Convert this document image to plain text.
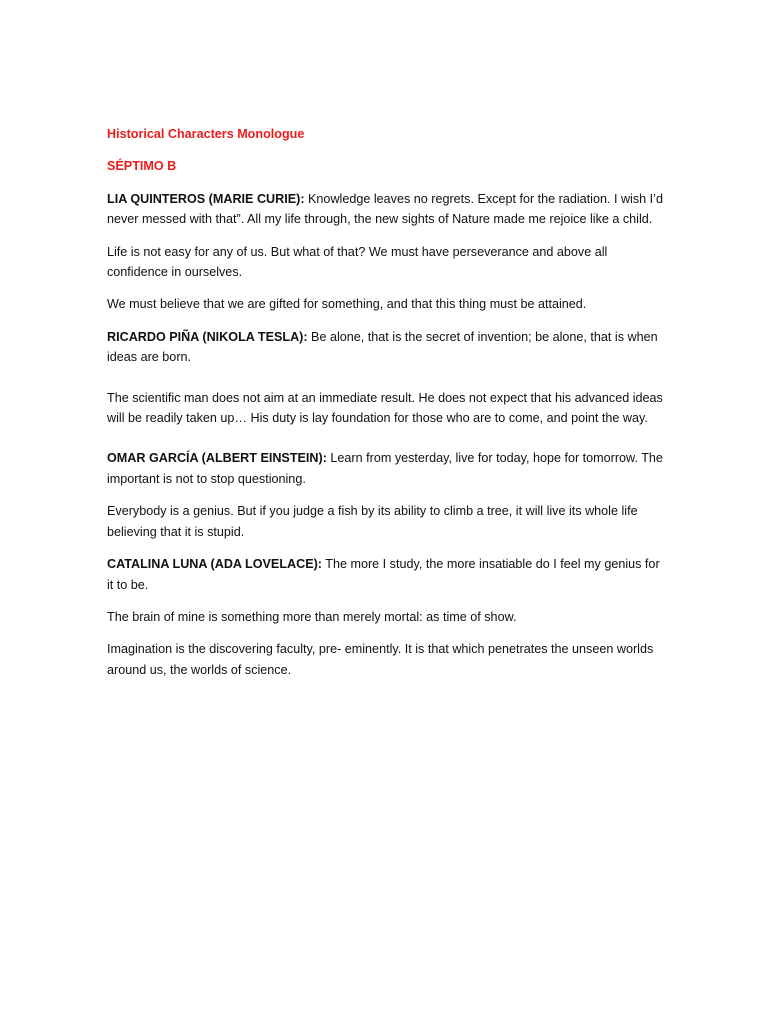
Historical Characters Monologue

SÉPTIMO B

LIA QUINTEROS (MARIE CURIE): Knowledge leaves no regrets. Except for the radiation. I wish I’d never messed with that”. All my life through, the new sights of Nature made me rejoice like a child.

Life is not easy for any of us. But what of that? We must have perseverance and above all confidence in ourselves.

We must believe that we are gifted for something, and that this thing must be attained.

RICARDO PIÑA (NIKOLA TESLA): Be alone, that is the secret of invention; be alone, that is when ideas are born.

The scientific man does not aim at an immediate result. He does not expect that his advanced ideas will be readily taken up… His duty is lay foundation for those who are to come, and point the way.

OMAR GARCÍA (ALBERT EINSTEIN): Learn from yesterday, live for today, hope for tomorrow. The important is not to stop questioning.

Everybody is a genius. But if you judge a fish by its ability to climb a tree, it will live its whole life believing that it is stupid.

CATALINA LUNA (ADA LOVELACE): The more I study, the more insatiable do I feel my genius for it to be.

The brain of mine is something more than merely mortal: as time of show.

Imagination is the discovering faculty, pre- eminently. It is that which penetrates the unseen worlds around us, the worlds of science.
